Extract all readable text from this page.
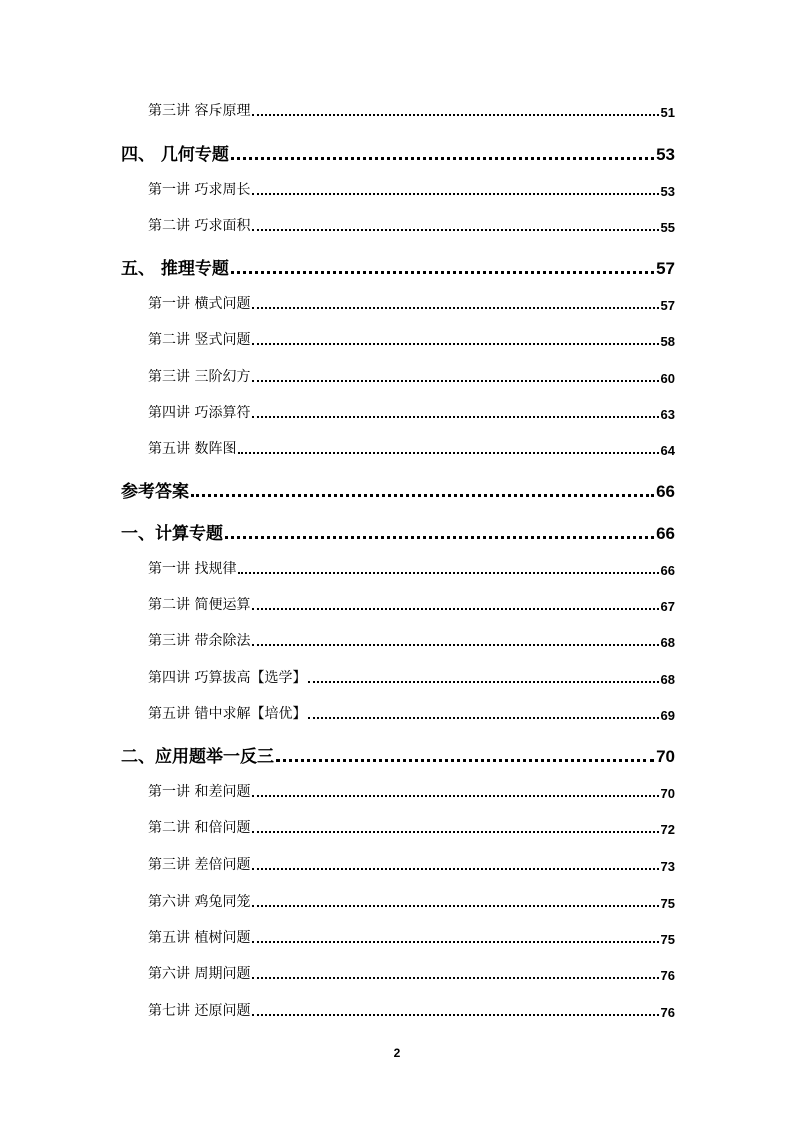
第三讲 容斥原理	51
四、 几何专题	53
第一讲 巧求周长	53
第二讲 巧求面积	55
五、 推理专题	57
第一讲 横式问题	57
第二讲 竖式问题	58
第三讲 三阶幻方	60
第四讲 巧添算符	63
第五讲 数阵图	64
参考答案	66
一、计算专题	66
第一讲 找规律	66
第二讲 简便运算	67
第三讲 带余除法	68
第四讲 巧算拔高【选学】	68
第五讲 错中求解【培优】	69
二、应用题举一反三	70
第一讲 和差问题	70
第二讲 和倍问题	72
第三讲 差倍问题	73
第六讲 鸡兔同笼	75
第五讲 植树问题	75
第六讲 周期问题	76
第七讲 还原问题	76
2
